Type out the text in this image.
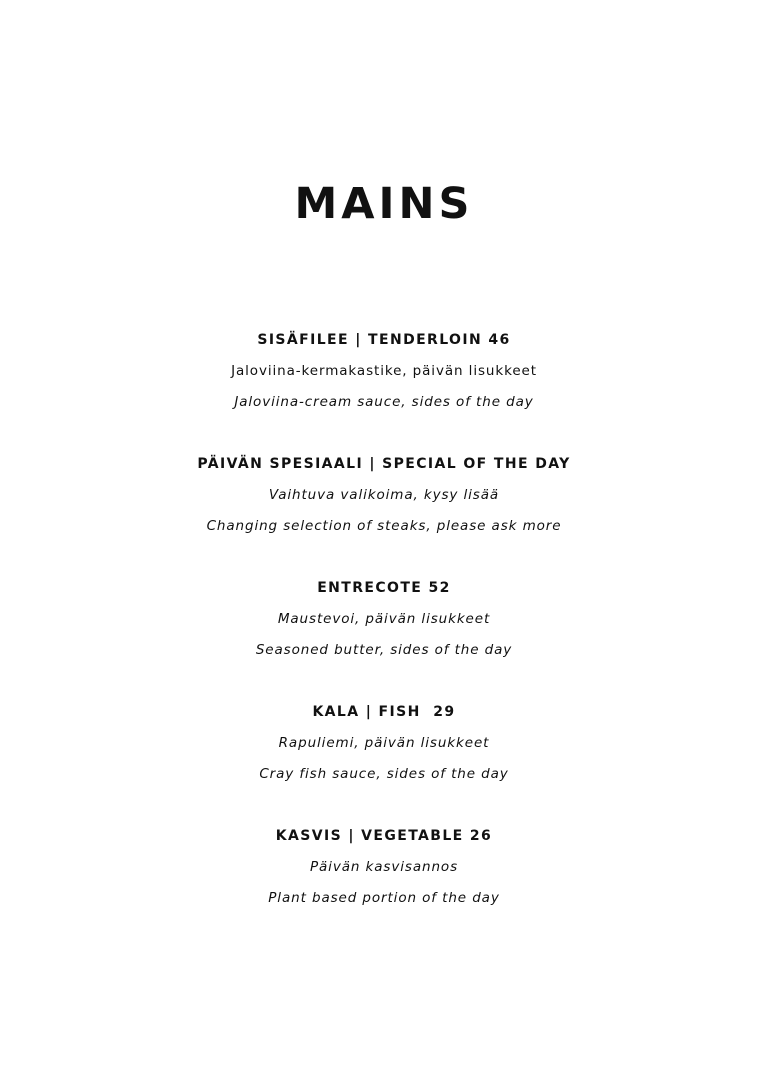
MAINS
SISÄFILEE | TENDERLOIN 46
Jaloviina-kermakastike, päivän lisukkeet
Jaloviina-cream sauce, sides of the day
PÄIVÄN SPESIAALI | SPECIAL OF THE DAY
Vaihtuva valikoima, kysy lisää
Changing selection of steaks, please ask more
ENTRECOTE 52
Maustevoi, päivän lisukkeet
Seasoned butter, sides of the day
KALA | FISH  29
Rapuliemi, päivän lisukkeet
Cray fish sauce, sides of the day
KASVIS | VEGETABLE 26
Päivän kasvisannos
Plant based portion of the day
